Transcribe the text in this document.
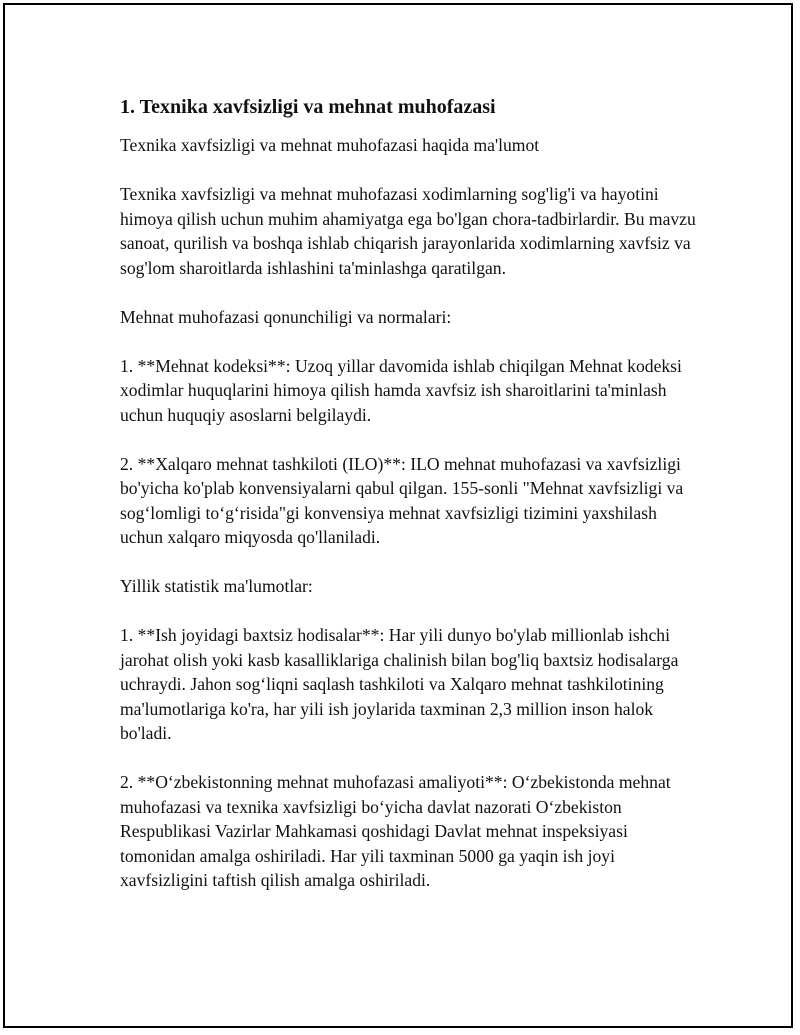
1. Texnika xavfsizligi va mehnat muhofazasi

Texnika xavfsizligi va mehnat muhofazasi haqida ma'lumot

Texnika xavfsizligi va mehnat muhofazasi xodimlarning sog'lig'i va hayotini himoya qilish uchun muhim ahamiyatga ega bo'lgan chora-tadbirlardir. Bu mavzu sanoat, qurilish va boshqa ishlab chiqarish jarayonlarida xodimlarning xavfsiz va sog'lom sharoitlarda ishlashini ta'minlashga qaratilgan.

Mehnat muhofazasi qonunchiligi va normalari:

1. **Mehnat kodeksi**: Uzoq yillar davomida ishlab chiqilgan Mehnat kodeksi xodimlar huquqlarini himoya qilish hamda xavfsiz ish sharoitlarini ta'minlash uchun huquqiy asoslarni belgilaydi.

2. **Xalqaro mehnat tashkiloti (ILO)**: ILO mehnat muhofazasi va xavfsizligi bo'yicha ko'plab konvensiyalarni qabul qilgan. 155-sonli "Mehnat xavfsizligi va sog‘lomligi to‘g‘risida"gi konvensiya mehnat xavfsizligi tizimini yaxshilash uchun xalqaro miqyosda qo'llaniladi.

Yillik statistik ma'lumotlar:

1. **Ish joyidagi baxtsiz hodisalar**: Har yili dunyo bo'ylab millionlab ishchi jarohat olish yoki kasb kasalliklariga chalinish bilan bog'liq baxtsiz hodisalarga uchraydi. Jahon sog‘liqni saqlash tashkiloti va Xalqaro mehnat tashkilotining ma'lumotlariga ko'ra, har yili ish joylarida taxminan 2,3 million inson halok bo'ladi.

2. **O‘zbekistonning mehnat muhofazasi amaliyoti**: O‘zbekistonda mehnat muhofazasi va texnika xavfsizligi bo‘yicha davlat nazorati O‘zbekiston Respublikasi Vazirlar Mahkamasi qoshidagi Davlat mehnat inspeksiyasi tomonidan amalga oshiriladi. Har yili taxminan 5000 ga yaqin ish joyi xavfsizligini taftish qilish amalga oshiriladi.
